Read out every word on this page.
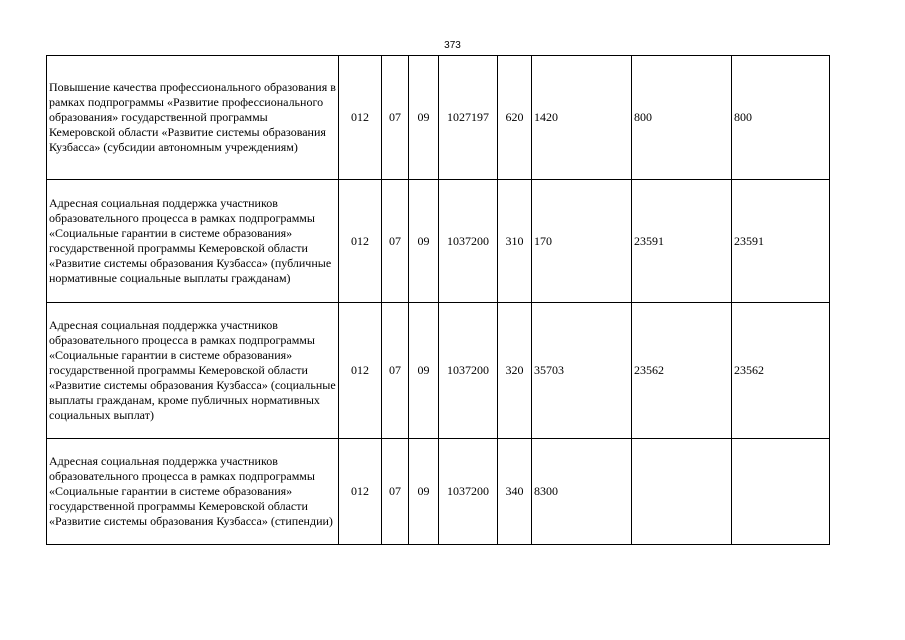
373
Повышение качества профессионального образования в рамках подпрограммы «Развитие профессионального образования» государственной программы Кемеровской области «Развитие системы образования Кузбасса» (субсидии автономным учреждениям)	012	07	09	1027197	620	1420	800	800
Адресная социальная поддержка участников образовательного процесса в рамках подпрограммы «Социальные гарантии в системе образования» государственной программы Кемеровской области «Развитие системы образования Кузбасса» (публичные нормативные социальные выплаты гражданам)	012	07	09	1037200	310	170	23591	23591
Адресная социальная поддержка участников образовательного процесса в рамках подпрограммы «Социальные гарантии в системе образования» государственной программы Кемеровской области «Развитие системы образования Кузбасса» (социальные выплаты гражданам, кроме публичных нормативных социальных выплат)	012	07	09	1037200	320	35703	23562	23562
Адресная социальная поддержка участников образовательного процесса в рамках подпрограммы «Социальные гарантии в системе образования» государственной программы Кемеровской области «Развитие системы образования Кузбасса» (стипендии)	012	07	09	1037200	340	8300		
